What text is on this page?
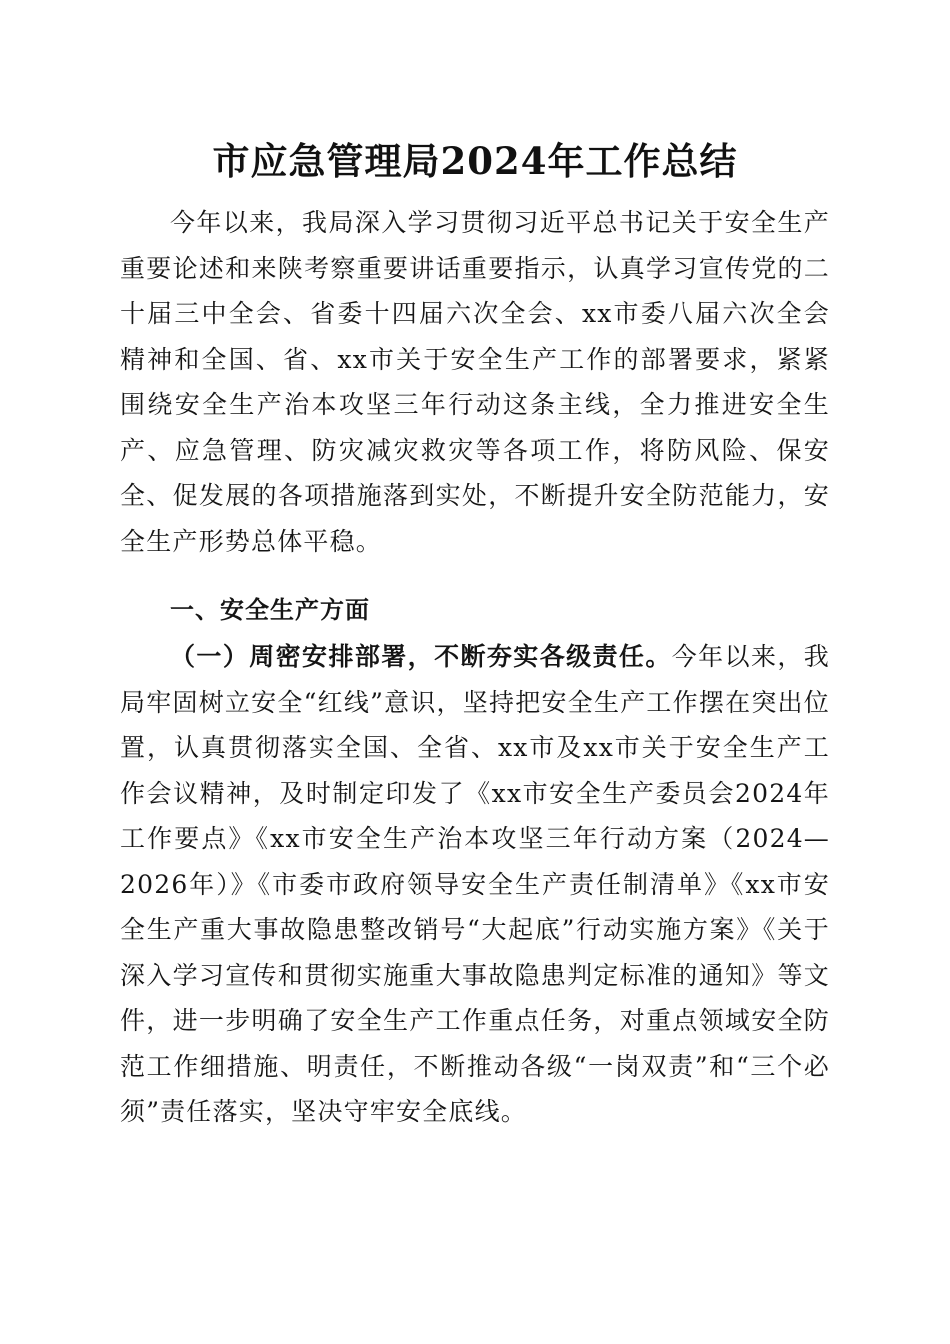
市应急管理局2024年工作总结

今年以来，我局深入学习贯彻习近平总书记关于安全生产重要论述和来陕考察重要讲话重要指示，认真学习宣传党的二十届三中全会、省委十四届六次全会、xx市委八届六次全会精神和全国、省、xx市关于安全生产工作的部署要求，紧紧围绕安全生产治本攻坚三年行动这条主线，全力推进安全生产、应急管理、防灾减灾救灾等各项工作，将防风险、保安全、促发展的各项措施落到实处，不断提升安全防范能力，安全生产形势总体平稳。

一、安全生产方面

（一）周密安排部署，不断夯实各级责任。今年以来，我局牢固树立安全“红线”意识，坚持把安全生产工作摆在突出位置，认真贯彻落实全国、全省、xx市及xx市关于安全生产工作会议精神，及时制定印发了《xx市安全生产委员会2024年工作要点》《xx市安全生产治本攻坚三年行动方案（2024—2026年）》《市委市政府领导安全生产责任制清单》《xx市安全生产重大事故隐患整改销号“大起底”行动实施方案》《关于深入学习宣传和贯彻实施重大事故隐患判定标准的通知》等文件，进一步明确了安全生产工作重点任务，对重点领域安全防范工作细措施、明责任，不断推动各级“一岗双责”和“三个必须”责任落实，坚决守牢安全底线。
